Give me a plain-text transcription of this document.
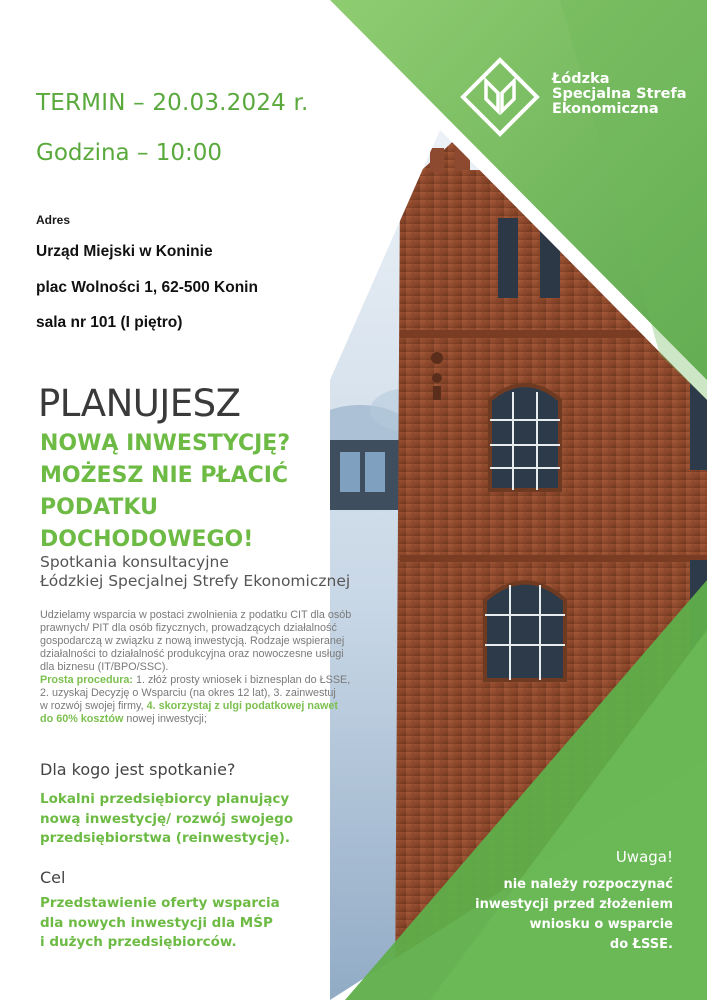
TERMIN – 20.03.2024 r.
Godzina – 10:00
Adres
Urząd Miejski w Koninie
plac Wolności 1, 62-500 Konin
sala nr 101 (I piętro)
Łódzka
Specjalna Strefa
Ekonomiczna
PLANUJESZ
NOWĄ INWESTYCJĘ?
MOŻESZ NIE PŁACIĆ
PODATKU
DOCHODOWEGO!
Spotkania konsultacyjne
Łódzkiej Specjalnej Strefy Ekonomicznej
Udzielamy wsparcia w postaci zwolnienia z podatku CIT dla osób
prawnych/ PIT dla osób fizycznych, prowadzących działalność
gospodarczą w związku z nową inwestycją. Rodzaje wspieranej
działalności to działalność produkcyjna oraz nowoczesne usługi
dla biznesu (IT/BPO/SSC).
Prosta procedura: 1. złóż prosty wniosek i biznesplan do ŁSSE,
2. uzyskaj Decyzję o Wsparciu (na okres 12 lat), 3. zainwestuj
w rozwój swojej firmy, 4. skorzystaj z ulgi podatkowej nawet
do 60% kosztów nowej inwestycji;
Dla kogo jest spotkanie?
Lokalni przedsiębiorcy planujący
nową inwestycję/ rozwój swojego
przedsiębiorstwa (reinwestycję).
Cel
Przedstawienie oferty wsparcia
dla nowych inwestycji dla MŚP
i dużych przedsiębiorców.
Uwaga!
nie należy rozpoczynać
inwestycji przed złożeniem
wniosku o wsparcie
do ŁSSE.
